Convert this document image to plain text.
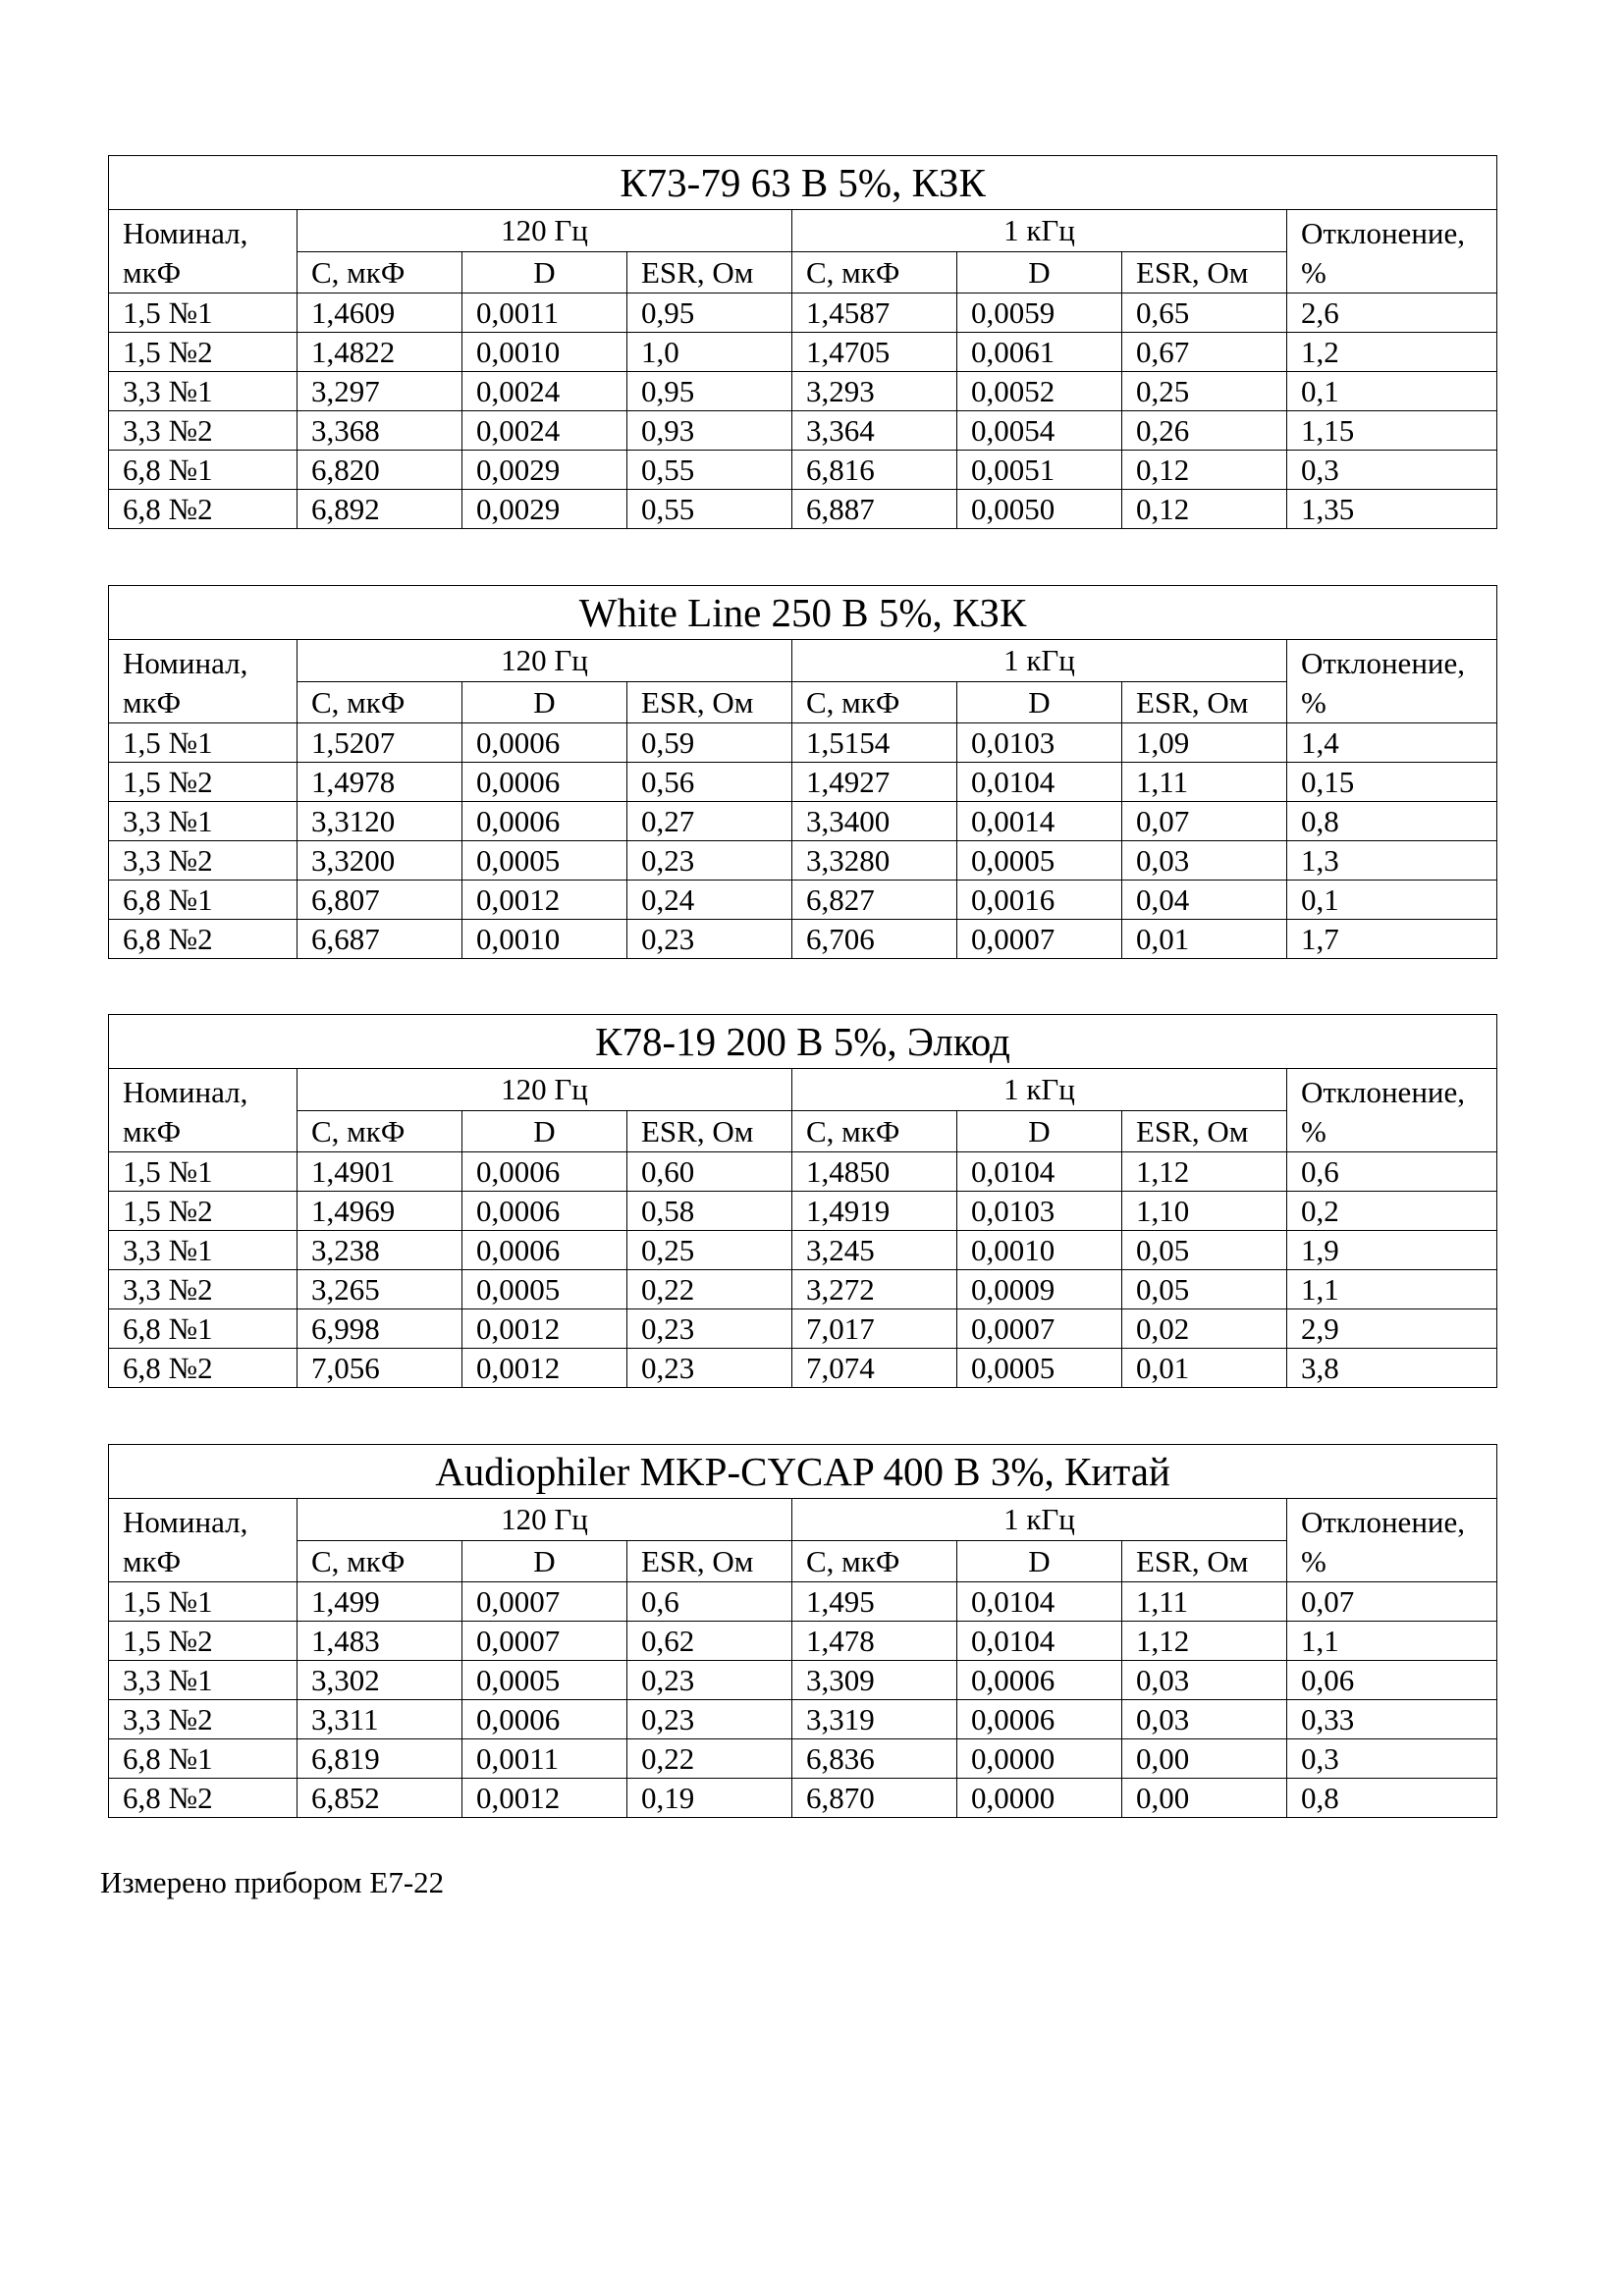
К73-79 63 В 5%, КЗК							

Номинал,
мкФ	120 Гц			1 кГц			Отклонение,
%

	С, мкФ	D	ESR, Ом	С, мкФ	D	ESR, Ом	
1,5 №1	1,4609	0,0011	0,95	1,4587	0,0059	0,65	2,6
1,5 №2	1,4822	0,0010	1,0	1,4705	0,0061	0,67	1,2
3,3 №1	3,297	0,0024	0,95	3,293	0,0052	0,25	0,1
3,3 №2	3,368	0,0024	0,93	3,364	0,0054	0,26	1,15
6,8 №1	6,820	0,0029	0,55	6,816	0,0051	0,12	0,3
6,8 №2	6,892	0,0029	0,55	6,887	0,0050	0,12	1,35
White Line 250 В 5%, КЗК							

Номинал,
мкФ	120 Гц			1 кГц			Отклонение,
%

	С, мкФ	D	ESR, Ом	С, мкФ	D	ESR, Ом	
1,5 №1	1,5207	0,0006	0,59	1,5154	0,0103	1,09	1,4
1,5 №2	1,4978	0,0006	0,56	1,4927	0,0104	1,11	0,15
3,3 №1	3,3120	0,0006	0,27	3,3400	0,0014	0,07	0,8
3,3 №2	3,3200	0,0005	0,23	3,3280	0,0005	0,03	1,3
6,8 №1	6,807	0,0012	0,24	6,827	0,0016	0,04	0,1
6,8 №2	6,687	0,0010	0,23	6,706	0,0007	0,01	1,7
К78-19 200 В 5%, Элкод							

Номинал,
мкФ	120 Гц			1 кГц			Отклонение,
%

	С, мкФ	D	ESR, Ом	С, мкФ	D	ESR, Ом	
1,5 №1	1,4901	0,0006	0,60	1,4850	0,0104	1,12	0,6
1,5 №2	1,4969	0,0006	0,58	1,4919	0,0103	1,10	0,2
3,3 №1	3,238	0,0006	0,25	3,245	0,0010	0,05	1,9
3,3 №2	3,265	0,0005	0,22	3,272	0,0009	0,05	1,1
6,8 №1	6,998	0,0012	0,23	7,017	0,0007	0,02	2,9
6,8 №2	7,056	0,0012	0,23	7,074	0,0005	0,01	3,8
Audiophiler MKP-CYCAP 400 В 3%, Китай							

Номинал,
мкФ	120 Гц			1 кГц			Отклонение,
%

	С, мкФ	D	ESR, Ом	С, мкФ	D	ESR, Ом	
1,5 №1	1,499	0,0007	0,6	1,495	0,0104	1,11	0,07
1,5 №2	1,483	0,0007	0,62	1,478	0,0104	1,12	1,1
3,3 №1	3,302	0,0005	0,23	3,309	0,0006	0,03	0,06
3,3 №2	3,311	0,0006	0,23	3,319	0,0006	0,03	0,33
6,8 №1	6,819	0,0011	0,22	6,836	0,0000	0,00	0,3
6,8 №2	6,852	0,0012	0,19	6,870	0,0000	0,00	0,8
Измерено прибором Е7-22
